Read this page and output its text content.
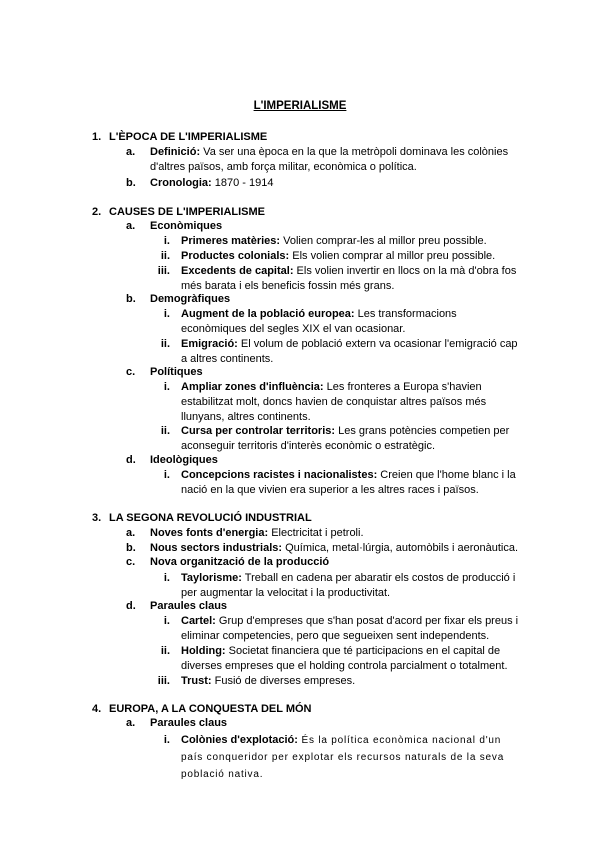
L'IMPERIALISME
1. L'ÈPOCA DE L'IMPERIALISME
a.	Definició: Va ser una època en la que la metròpoli dominava les colònies d'altres països, amb força militar, econòmica o política.
b. Cronologia: 1870 - 1914
2. CAUSES DE L'IMPERIALISME
a. Econòmiques
i. Primeres matèries: Volien comprar-les al millor preu possible.
ii. Productes colonials: Els volien comprar al millor preu possible.
iii. Excedents de capital: Els volien invertir en llocs on la mà d'obra fos més barata i els beneficis fossin més grans.
b. Demogràfiques
i. Augment de la població europea: Les transformacions econòmiques del segles XIX el van ocasionar.
ii. Emigració: El volum de població extern va ocasionar l'emigració cap a altres continents.
c. Polítiques
i. Ampliar zones d'influència: Les fronteres a Europa s'havien estabilitzat molt, doncs havien de conquistar altres països més llunyans, altres continents.
ii. Cursa per controlar territoris: Les grans potències competien per aconseguir territoris d'interès econòmic o estratègic.
d. Ideològiques
i. Concepcions racistes i nacionalistes: Creien que l'home blanc i la nació en la que vivien era superior a les altres races i països.
3. LA SEGONA REVOLUCIÓ INDUSTRIAL
a. Noves fonts d'energia: Electricitat i petroli.
b. Nous sectors industrials: Química, metal·lúrgia, automòbils i aeronàutica.
c. Nova organització de la producció
i. Taylorisme: Treball en cadena per abaratir els costos de producció i per augmentar la velocitat i la productivitat.
d. Paraules claus
i. Cartel: Grup d'empreses que s'han posat d'acord per fixar els preus i eliminar competencies, pero que segueixen sent independents.
ii. Holding: Societat financiera que té participacions en el capital de diverses empreses que el holding controla parcialment o totalment.
iii. Trust: Fusió de diverses empreses.
4. EUROPA, A LA CONQUESTA DEL MÓN
a. Paraules claus
i. Colònies d'explotació: És la política econòmica nacional d'un país conqueridor per explotar els recursos naturals de la seva població nativa.
